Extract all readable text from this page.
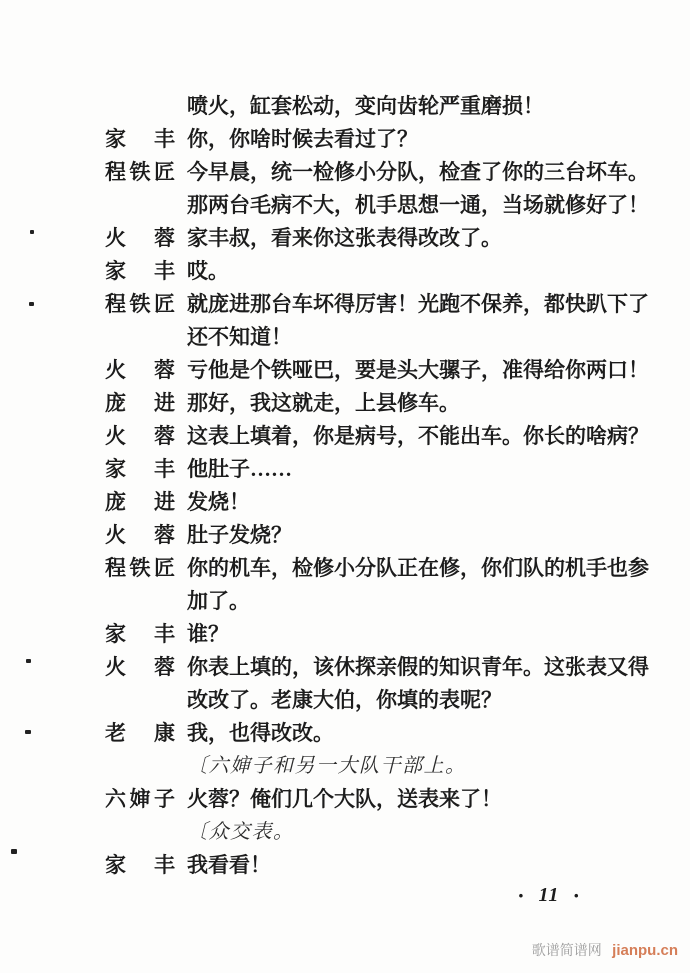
喷火，缸套松动，变向齿轮严重磨损！
家　丰 你，你啥时候去看过了？
程铁匠 今早晨，统一检修小分队，检查了你的三台坏车。
那两台毛病不大，机手思想一通，当场就修好了！
火　蓉 家丰叔，看来你这张表得改改了。
家　丰 哎。
程铁匠 就庞进那台车坏得厉害！光跑不保养，都快趴下了
还不知道！
火　蓉 亏他是个铁哑巴，要是头大骡子，准得给你两口！
庞　进 那好，我这就走，上县修车。
火　蓉 这表上填着，你是病号，不能出车。你长的啥病？
家　丰 他肚子……
庞　进 发烧！
火　蓉 肚子发烧？
程铁匠 你的机车，检修小分队正在修，你们队的机手也参
加了。
家　丰 谁？
火　蓉 你表上填的，该休探亲假的知识青年。这张表又得
改改了。老康大伯，你填的表呢？
老　康 我，也得改改。
〔六婶子和另一大队干部上。
六婶子 火蓉？俺们几个大队，送表来了！
〔众交表。
家　丰 我看看！
· 11 ·
歌谱简谱网 jianpu.cn
